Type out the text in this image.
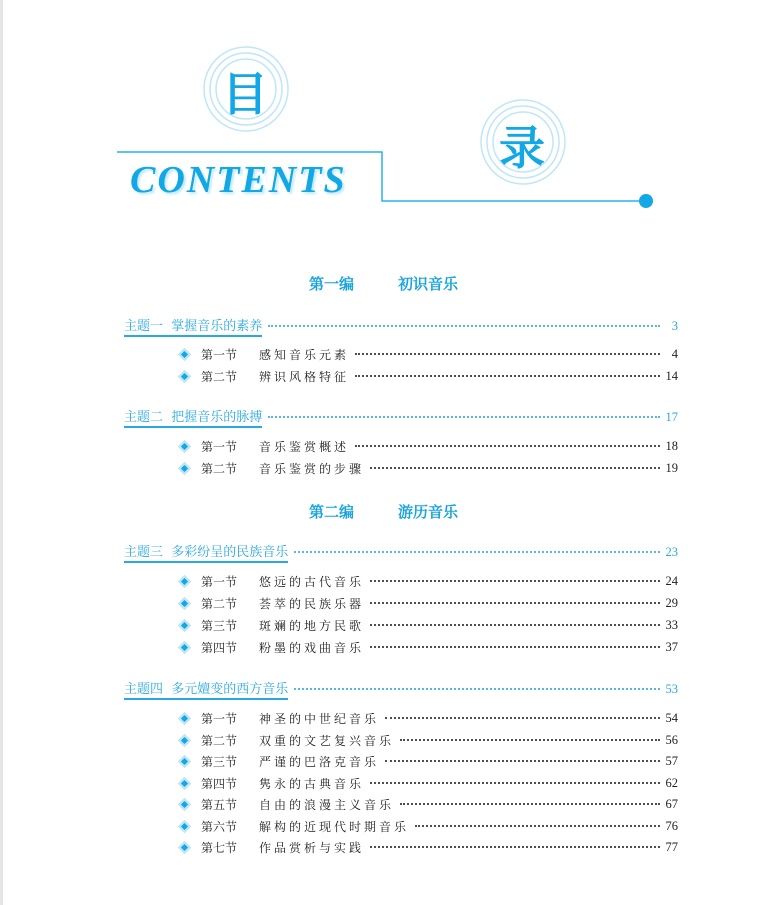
目
录
CONTENTS
第一编	初识音乐
主题一 掌握音乐的素养	3
第一节	感知音乐元素	4
第二节	辨识风格特征	14
主题二 把握音乐的脉搏	17
第一节	音乐鉴赏概述	18
第二节	音乐鉴赏的步骤	19
第二编	游历音乐
主题三 多彩纷呈的民族音乐	23
第一节	悠远的古代音乐	24
第二节	荟萃的民族乐器	29
第三节	斑斓的地方民歌	33
第四节	粉墨的戏曲音乐	37
主题四 多元嬗变的西方音乐	53
第一节	神圣的中世纪音乐	54
第二节	双重的文艺复兴音乐	56
第三节	严谨的巴洛克音乐	57
第四节	隽永的古典音乐	62
第五节	自由的浪漫主义音乐	67
第六节	解构的近现代时期音乐	76
第七节	作品赏析与实践	77
